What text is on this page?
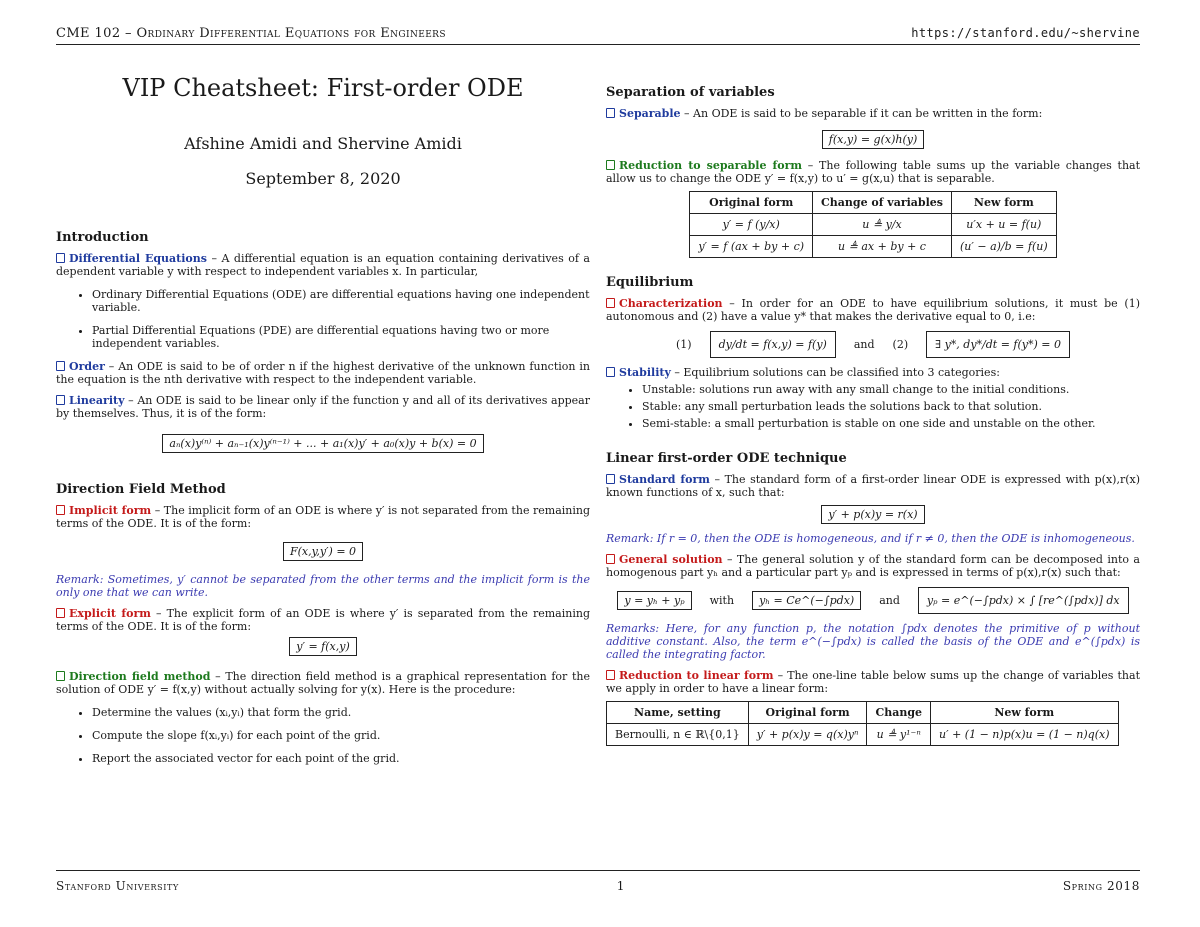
CME 102 – Ordinary Differential Equations for Engineers	https://stanford.edu/~shervine
VIP Cheatsheet: First-order ODE
Afshine Amidi and Shervine Amidi
September 8, 2020
Introduction
Differential Equations – A differential equation is an equation containing derivatives of a dependent variable y with respect to independent variables x. In particular,
• Ordinary Differential Equations (ODE) are differential equations having one independent variable.
• Partial Differential Equations (PDE) are differential equations having two or more independent variables.
Order – An ODE is said to be of order n if the highest derivative of the unknown function in the equation is the nth derivative with respect to the independent variable.
Linearity – An ODE is said to be linear only if the function y and all of its derivatives appear by themselves. Thus, it is of the form:
aₙ(x)y⁽ⁿ⁾ + aₙ₋₁(x)y⁽ⁿ⁻¹⁾ + ... + a₁(x)y′ + a₀(x)y + b(x) = 0
Direction Field Method
Implicit form – The implicit form of an ODE is where y′ is not separated from the remaining terms of the ODE. It is of the form:
F(x,y,y′) = 0
Remark: Sometimes, y′ cannot be separated from the other terms and the implicit form is the only one that we can write.
Explicit form – The explicit form of an ODE is where y′ is separated from the remaining terms of the ODE. It is of the form:
y′ = f(x,y)
Direction field method – The direction field method is a graphical representation for the solution of ODE y′ = f(x,y) without actually solving for y(x). Here is the procedure:
• Determine the values (xᵢ,yᵢ) that form the grid.
• Compute the slope f(xᵢ,yᵢ) for each point of the grid.
• Report the associated vector for each point of the grid.
Separation of variables
Separable – An ODE is said to be separable if it can be written in the form:
f(x,y) = g(x)h(y)
Reduction to separable form – The following table sums up the variable changes that allow us to change the ODE y′ = f(x,y) to u′ = g(x,u) that is separable.
Original form	Change of variables	New form
y′ = f (y/x)	u ≜ y/x	u′x + u = f(u)
y′ = f (ax + by + c)	u ≜ ax + by + c	(u′ − a)/b = f(u)
Equilibrium
Characterization – In order for an ODE to have equilibrium solutions, it must be (1) autonomous and (2) have a value y* that makes the derivative equal to 0, i.e:
(1)	dy/dt = f(x,y) = f(y)	and (2)	∃ y*, dy*/dt = f(y*) = 0
Stability – Equilibrium solutions can be classified into 3 categories:
• Unstable: solutions run away with any small change to the initial conditions.
• Stable: any small perturbation leads the solutions back to that solution.
• Semi-stable: a small perturbation is stable on one side and unstable on the other.
Linear first-order ODE technique
Standard form – The standard form of a first-order linear ODE is expressed with p(x),r(x) known functions of x, such that:
y′ + p(x)y = r(x)
Remark: If r = 0, then the ODE is homogeneous, and if r ≠ 0, then the ODE is inhomogeneous.
General solution – The general solution y of the standard form can be decomposed into a homogenous part yₕ and a particular part yₚ and is expressed in terms of p(x),r(x) such that:
y = yₕ + yₚ	with	yₕ = Ce^(−∫pdx)	and	yₚ = e^(−∫pdx) × ∫ [re^(∫pdx)] dx
Remarks: Here, for any function p, the notation ∫pdx denotes the primitive of p without additive constant. Also, the term e^(−∫pdx) is called the basis of the ODE and e^(∫pdx) is called the integrating factor.
Reduction to linear form – The one-line table below sums up the change of variables that we apply in order to have a linear form:
Name, setting	Original form	Change	New form
Bernoulli, n ∈ ℝ\{0,1}	y′ + p(x)y = q(x)yⁿ	u ≜ y¹⁻ⁿ	u′ + (1 − n)p(x)u = (1 − n)q(x)
Stanford University	1	Spring 2018
